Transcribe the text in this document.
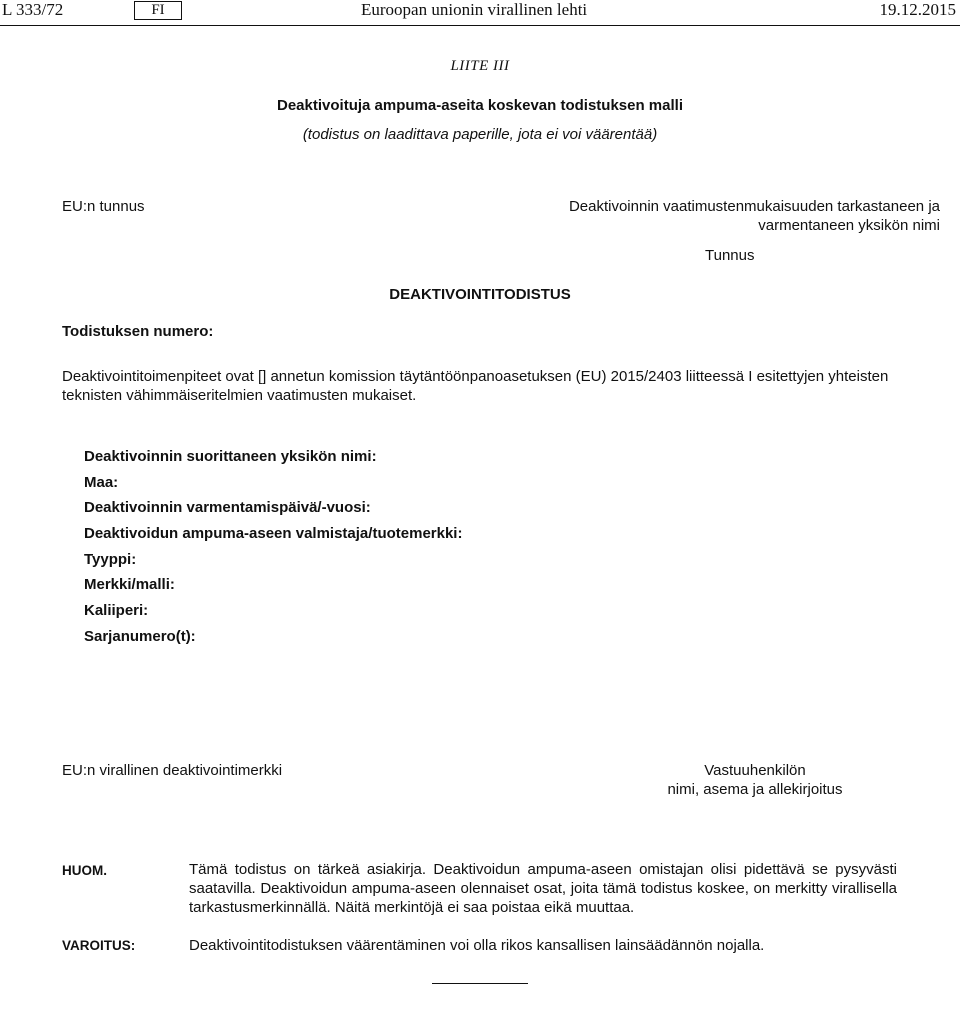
L 333/72	FI	Euroopan unionin virallinen lehti	19.12.2015
LIITE III
Deaktivoituja ampuma-aseita koskevan todistuksen malli
(todistus on laadittava paperille, jota ei voi väärentää)
EU:n tunnus	Deaktivoinnin vaatimustenmukaisuuden tarkastaneen ja varmentaneen yksikön nimi
Tunnus
DEAKTIVOINTITODISTUS
Todistuksen numero:
Deaktivointitoimenpiteet ovat [] annetun komission täytäntöönpanoasetuksen (EU) 2015/2403 liitteessä I esitettyjen yhteisten teknisten vähimmäiseritelmien vaatimusten mukaiset.
Deaktivoinnin suorittaneen yksikön nimi:
Maa:
Deaktivoinnin varmentamispäivä/-vuosi:
Deaktivoidun ampuma-aseen valmistaja/tuotemerkki:
Tyyppi:
Merkki/malli:
Kaliiperi:
Sarjanumero(t):
EU:n virallinen deaktivointimerkki	Vastuuhenkilön
nimi, asema ja allekirjoitus
HUOM.	Tämä todistus on tärkeä asiakirja. Deaktivoidun ampuma-aseen omistajan olisi pidettävä se pysyvästi saatavilla. Deaktivoidun ampuma-aseen olennaiset osat, joita tämä todistus koskee, on merkitty virallisella tarkastusmerkinnällä. Näitä merkintöjä ei saa poistaa eikä muuttaa.
VAROITUS:	Deaktivointitodistuksen väärentäminen voi olla rikos kansallisen lainsäädännön nojalla.
